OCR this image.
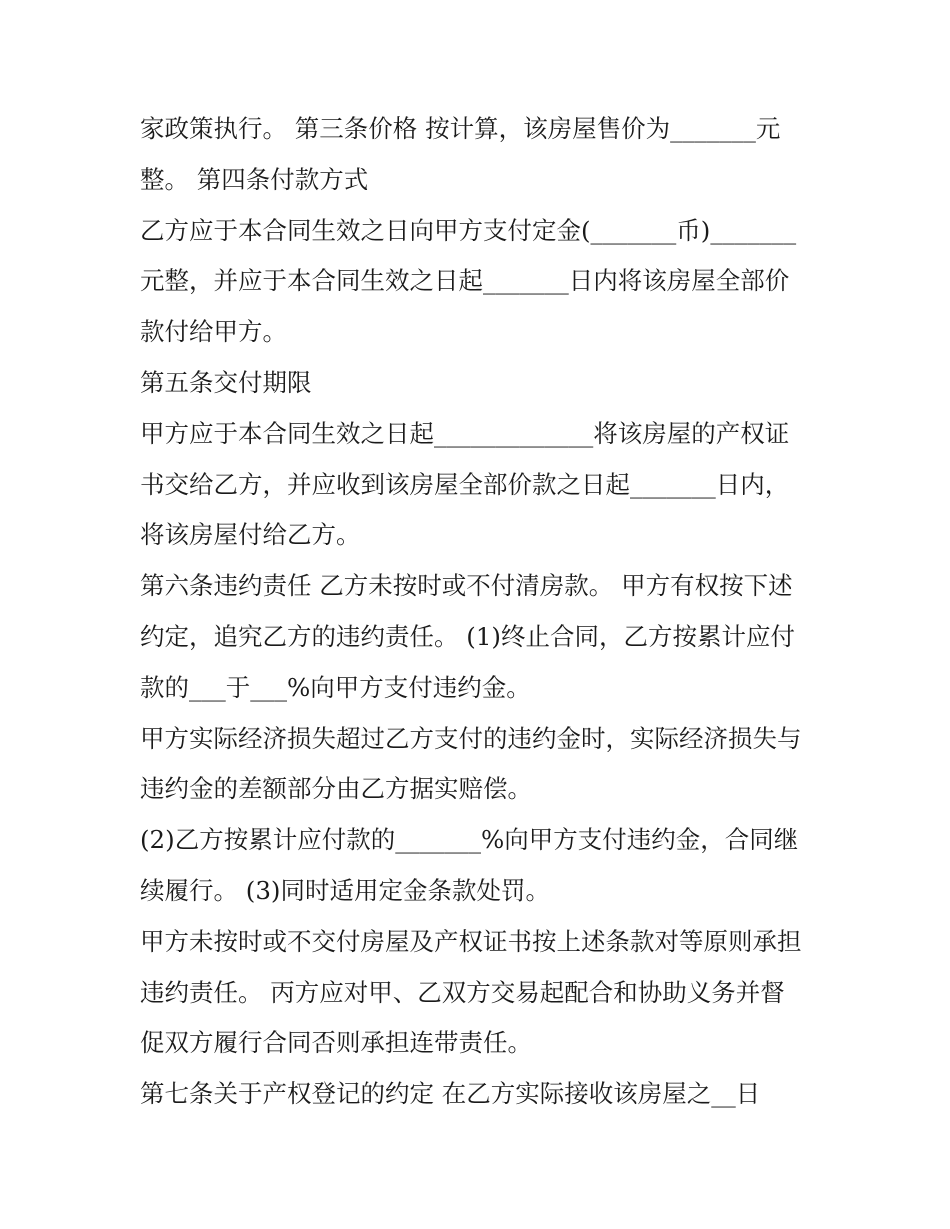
家政策执行。 第三条价格 按计算，该房屋售价为_______元
整。 第四条付款方式
乙方应于本合同生效之日向甲方支付定金(_______币)_______
元整，并应于本合同生效之日起_______日内将该房屋全部价
款付给甲方。
第五条交付期限
甲方应于本合同生效之日起_____________将该房屋的产权证
书交给乙方，并应收到该房屋全部价款之日起_______日内，
将该房屋付给乙方。
第六条违约责任 乙方未按时或不付清房款。 甲方有权按下述
约定，追究乙方的违约责任。 (1)终止合同，乙方按累计应付
款的___于___%向甲方支付违约金。
甲方实际经济损失超过乙方支付的违约金时，实际经济损失与
违约金的差额部分由乙方据实赔偿。
(2)乙方按累计应付款的_______%向甲方支付违约金，合同继
续履行。 (3)同时适用定金条款处罚。
甲方未按时或不交付房屋及产权证书按上述条款对等原则承担
违约责任。 丙方应对甲、乙双方交易起配合和协助义务并督
促双方履行合同否则承担连带责任。
第七条关于产权登记的约定 在乙方实际接收该房屋之__日
